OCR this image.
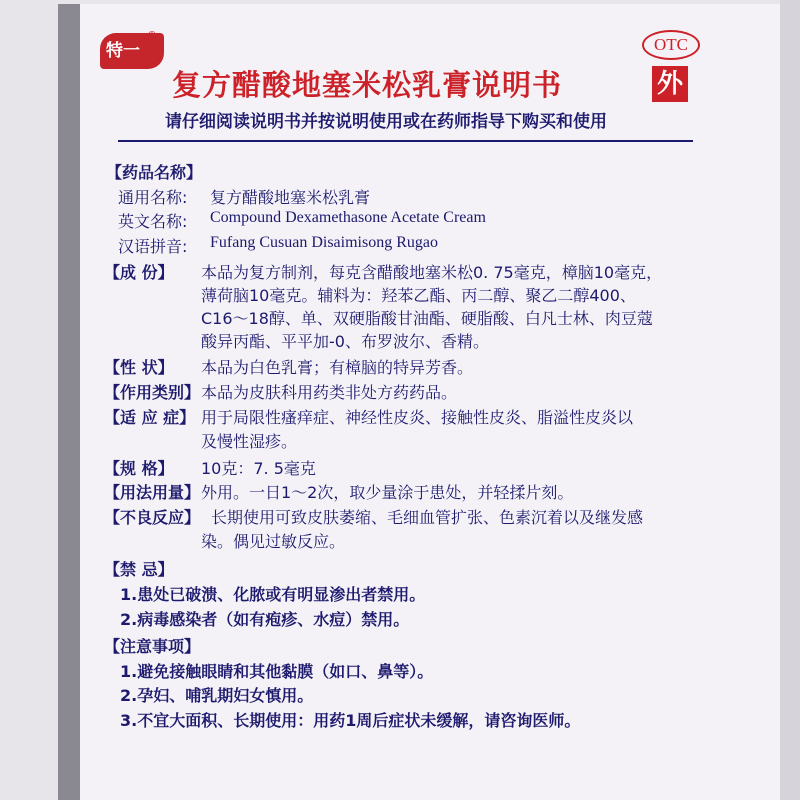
特一
®
复方醋酸地塞米松乳膏说明书
OTC
外
请仔细阅读说明书并按说明使用或在药师指导下购买和使用
【药品名称】
通用名称: 复方醋酸地塞米松乳膏
英文名称: Compound Dexamethasone Acetate Cream
汉语拼音: Fufang Cusuan Disaimisong Rugao
【成 份】 本品为复方制剂，每克含醋酸地塞米松0. 75毫克，樟脑10毫克，
薄荷脑10毫克。辅料为：羟苯乙酯、丙二醇、聚乙二醇400、
C16～18醇、单、双硬脂酸甘油酯、硬脂酸、白凡士林、肉豆蔻
酸异丙酯、平平加-0、布罗波尔、香精。
【性 状】 本品为白色乳膏；有樟脑的特异芳香。
【作用类别】 本品为皮肤科用药类非处方药药品。
【适 应 症】 用于局限性瘙痒症、神经性皮炎、接触性皮炎、脂溢性皮炎以
及慢性湿疹。
【规 格】 10克：7. 5毫克
【用法用量】 外用。一日1～2次，取少量涂于患处，并轻揉片刻。
【不良反应】 长期使用可致皮肤萎缩、毛细血管扩张、色素沉着以及继发感
染。偶见过敏反应。
【禁 忌】
1.患处已破溃、化脓或有明显渗出者禁用。
2.病毒感染者（如有疱疹、水痘）禁用。
【注意事项】
1.避免接触眼睛和其他黏膜（如口、鼻等）。
2.孕妇、哺乳期妇女慎用。
3.不宜大面积、长期使用：用药1周后症状未缓解，请咨询医师。
